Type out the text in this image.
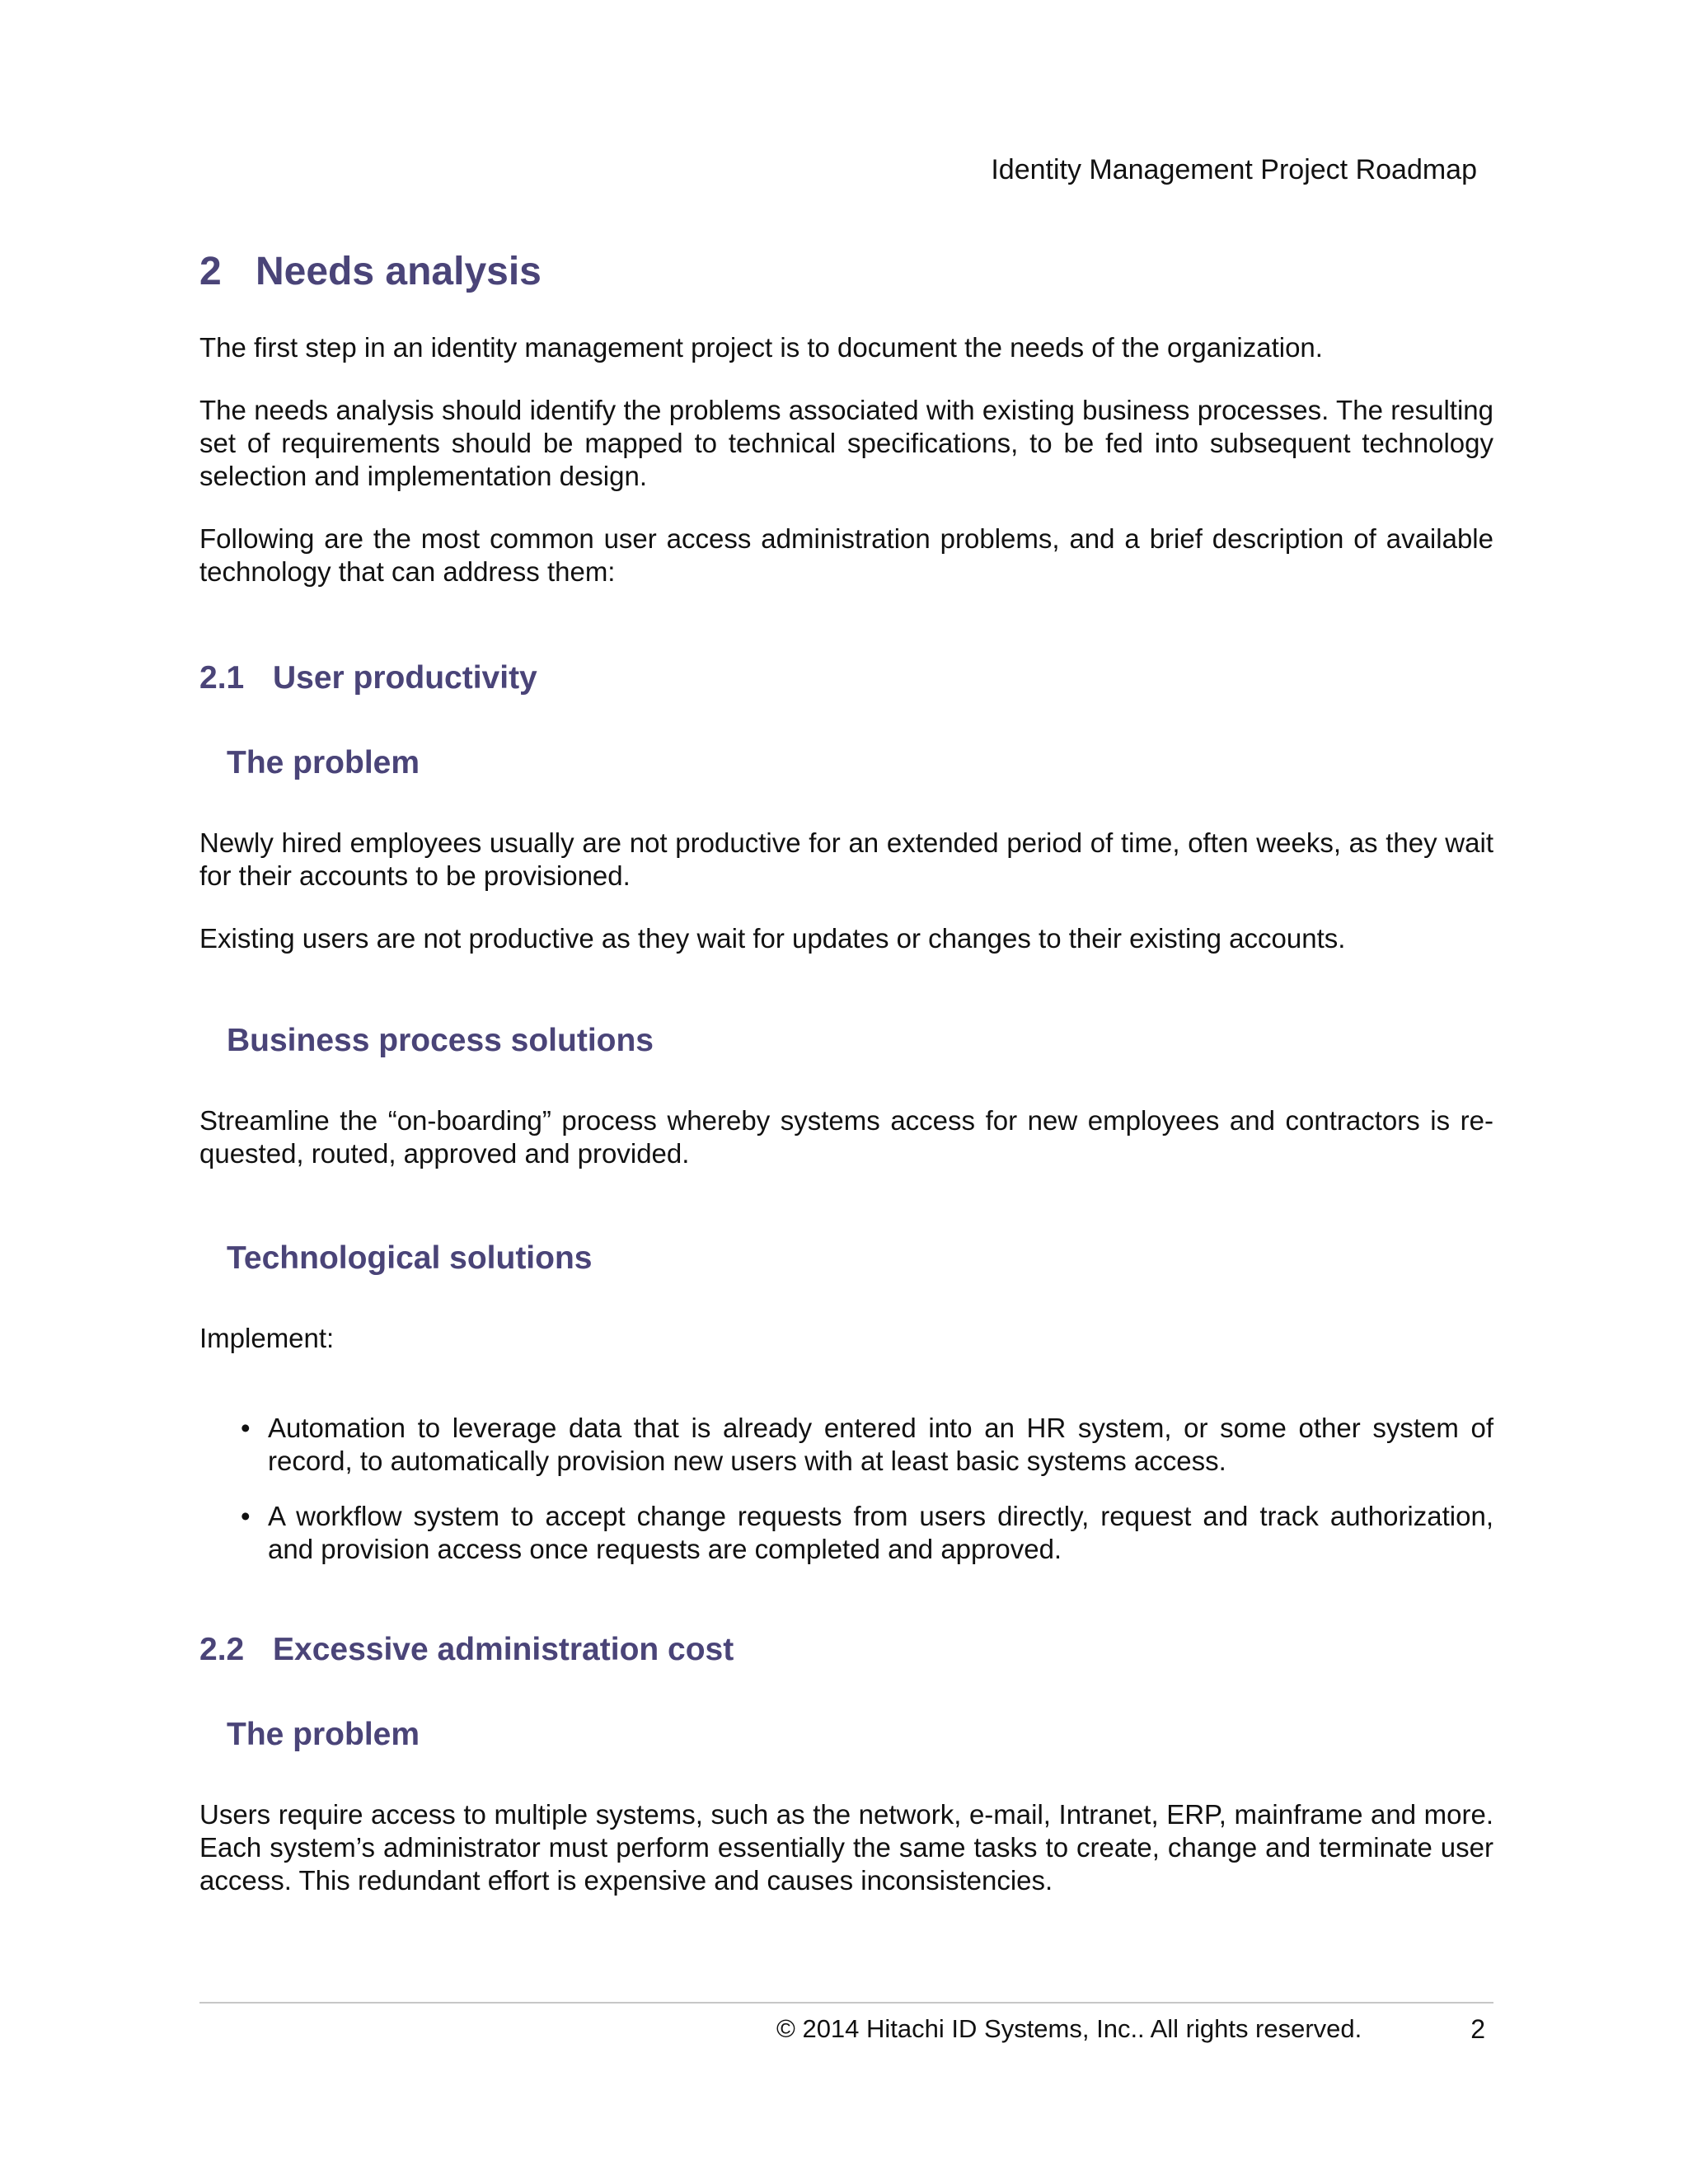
Identity Management Project Roadmap
2 Needs analysis

The first step in an identity management project is to document the needs of the organization.

The needs analysis should identify the problems associated with existing business processes. The resulting set of requirements should be mapped to technical specifications, to be fed into subsequent technology selection and implementation design.

Following are the most common user access administration problems, and a brief description of available technology that can address them:

2.1 User productivity
The problem

Newly hired employees usually are not productive for an extended period of time, often weeks, as they wait for their accounts to be provisioned.

Existing users are not productive as they wait for updates or changes to their existing accounts.

Business process solutions

Streamline the “on-boarding” process whereby systems access for new employees and contractors is re-quested, routed, approved and provided.

Technological solutions

Implement:

• Automation to leverage data that is already entered into an HR system, or some other system of record, to automatically provision new users with at least basic systems access.
• A workflow system to accept change requests from users directly, request and track authorization, and provision access once requests are completed and approved.
2.2 Excessive administration cost
The problem

Users require access to multiple systems, such as the network, e-mail, Intranet, ERP, mainframe and more. Each system’s administrator must perform essentially the same tasks to create, change and terminate user access. This redundant effort is expensive and causes inconsistencies.

© 2014 Hitachi ID Systems, Inc.. All rights reserved.	2
